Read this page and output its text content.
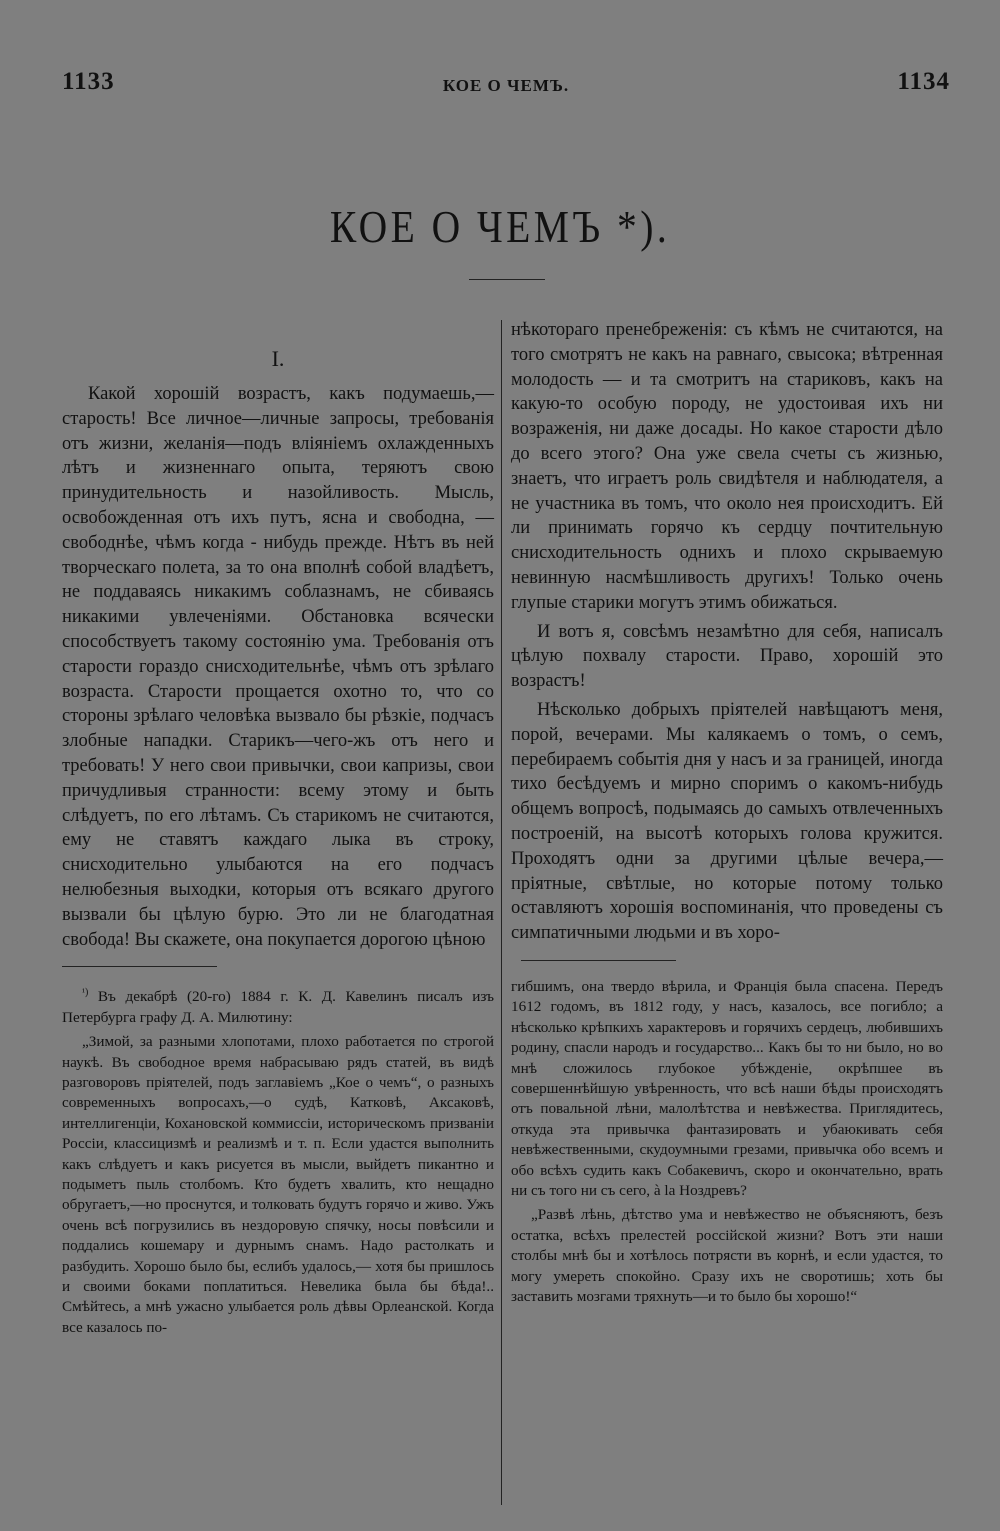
1133	КОЕ О ЧЕМЪ.	1134
КОЕ О ЧЕМЪ *).
I.

Какой хорошій возрастъ, какъ подумаешь,— старость! Все личное—личные запросы, требованія отъ жизни, желанія—подъ вліяніемъ охлажденныхъ лѣтъ и жизненнаго опыта, теряютъ свою принудительность и назойливость. Мысль, освобожденная отъ ихъ путъ, ясна и свободна, — свободнѣе, чѣмъ когда - нибудь прежде. Нѣтъ въ ней творческаго полета, за то она вполнѣ собой владѣетъ, не поддаваясь никакимъ соблазнамъ, не сбиваясь никакими увлеченіями. Обстановка всячески способствуетъ такому состоянію ума. Требованія отъ старости гораздо снисходительнѣе, чѣмъ отъ зрѣлаго возраста. Старости прощается охотно то, что со стороны зрѣлаго человѣка вызвало бы рѣзкіе, подчасъ злобные нападки. Старикъ—чего-жъ отъ него и требовать! У него свои привычки, свои капризы, свои причудливыя странности: всему этому и быть слѣдуетъ, по его лѣтамъ. Съ старикомъ не считаются, ему не ставятъ каждаго лыка въ строку, снисходительно улыбаются на его подчасъ нелюбезныя выходки, которыя отъ всякаго другого вызвали бы цѣлую бурю. Это ли не благодатная свобода! Вы скажете, она покупается дорогою цѣною

$^{^1)}$ Въ декабрѣ (20-го) 1884 г. К. Д. Кавелинъ писалъ изъ Петербурга графу Д. А. Милютину:

„Зимой, за разными хлопотами, плохо работается по строгой наукѣ. Въ свободное время набрасываю рядъ статей, въ видѣ разговоровъ пріятелей, подъ заглавіемъ „Кое о чемъ“, о разныхъ современныхъ вопросахъ,—о судѣ, Катковѣ, Аксаковѣ, интеллигенціи, Кохановской коммиссіи, историческомъ призваніи Россіи, классицизмѣ и реализмѣ и т. п. Если удастся выполнить какъ слѣдуетъ и какъ рисуется въ мысли, выйдетъ пикантно и подыметъ пыль столбомъ. Кто будетъ хвалить, кто нещадно обругаетъ,—но проснутся, и толковать будутъ горячо и живо. Ужъ очень всѣ погрузились въ нездоровую спячку, носы повѣсили и поддались кошемару и дурнымъ снамъ. Надо растолкать и разбудить. Хорошо было бы, еслибъ удалось,— хотя бы пришлось и своими боками поплатиться. Невелика была бы бѣда!.. Смѣйтесь, а мнѣ ужасно улыбается роль дѣвы Орлеанской. Когда все казалось по-

нѣкотораго пренебреженія: съ кѣмъ не считаются, на того смотрятъ не какъ на равнаго, свысока; вѣтренная молодость — и та смотритъ на стариковъ, какъ на какую-то особую породу, не удостоивая ихъ ни возраженія, ни даже досады. Но какое старости дѣло до всего этого? Она уже свела счеты съ жизнью, знаетъ, что играетъ роль свидѣтеля и наблюдателя, а не участника въ томъ, что около нея происходитъ. Ей ли принимать горячо къ сердцу почтительную снисходительность однихъ и плохо скрываемую невинную насмѣшливость другихъ! Только очень глупые старики могутъ этимъ обижаться.

И вотъ я, совсѣмъ незамѣтно для себя, написалъ цѣлую похвалу старости. Право, хорошій это возрастъ!

Нѣсколько добрыхъ пріятелей навѣщаютъ меня, порой, вечерами. Мы калякаемъ о томъ, о семъ, перебираемъ событія дня у насъ и за границей, иногда тихо бесѣдуемъ и мирно споримъ о какомъ-нибудь общемъ вопросѣ, подымаясь до самыхъ отвлеченныхъ построеній, на высотѣ которыхъ голова кружится. Проходятъ одни за другими цѣлые вечера,— пріятные, свѣтлые, но которые потому только оставляютъ хорошія воспоминанія, что проведены съ симпатичными людьми и въ хоро-

гибшимъ, она твердо вѣрила, и Франція была спасена. Передъ 1612 годомъ, въ 1812 году, у насъ, казалось, все погибло; а нѣсколько крѣпкихъ характеровъ и горячихъ сердецъ, любившихъ родину, спасли народъ и государство... Какъ бы то ни было, но во мнѣ сложилось глубокое убѣжденіе, окрѣпшее въ совершеннѣйшую увѣренность, что всѣ наши бѣды происходятъ отъ повальной лѣни, малолѣтства и невѣжества. Приглядитесь, откуда эта привычка фантазировать и убаюкивать себя невѣжественными, скудоумными грезами, привычка обо всемъ и обо всѣхъ судить какъ Собакевичъ, скоро и окончательно, врать ни съ того ни съ сего, à la Ноздревъ?

„Развѣ лѣнь, дѣтство ума и невѣжество не объясняютъ, безъ остатка, всѣхъ прелестей россійской жизни? Вотъ эти наши столбы мнѣ бы и хотѣлось потрясти въ корнѣ, и если удастся, то могу умереть спокойно. Сразу ихъ не своротишь; хоть бы заставить мозгами тряхнуть—и то было бы хорошо!“
